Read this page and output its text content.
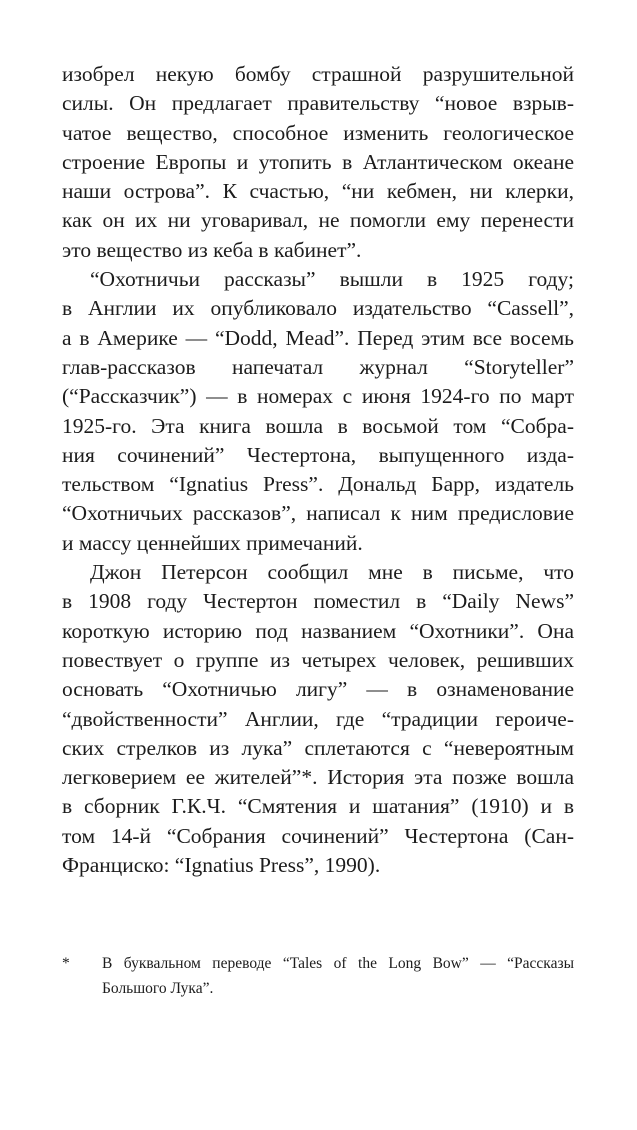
изобрел некую бомбу страшной разрушительной
силы. Он предлагает правительству “новое взрыв-
чатое вещество, способное изменить геологическое
строение Европы и утопить в Атлантическом океане
наши острова”. К счастью, “ни кебмен, ни клерки,
как он их ни уговаривал, не помогли ему перенести
это вещество из кеба в кабинет”.
“Охотничьи рассказы” вышли в 1925 году;
в Англии их опубликовало издательство “Cassell”,
а в Америке — “Dodd, Mead”. Перед этим все восемь
глав-рассказов напечатал журнал “Storyteller”
(“Рассказчик”) — в номерах с июня 1924-го по март
1925-го. Эта книга вошла в восьмой том “Собра-
ния сочинений” Честертона, выпущенного изда-
тельством “Ignatius Press”. Дональд Барр, издатель
“Охотничьих рассказов”, написал к ним предисловие
и массу ценнейших примечаний.
Джон Петерсон сообщил мне в письме, что
в 1908 году Честертон поместил в “Daily News”
короткую историю под названием “Охотники”. Она
повествует о группе из четырех человек, решивших
основать “Охотничью лигу” — в ознаменование
“двойственности” Англии, где “традиции героиче-
ских стрелков из лука” сплетаются с “невероятным
легковерием ее жителей”*. История эта позже вошла
в сборник Г.К.Ч. “Смятения и шатания” (1910) и в
том 14-й “Собрания сочинений” Честертона (Сан-
Франциско: “Ignatius Press”, 1990).
*	В буквальном переводе “Tales of the Long Bow” — “Рассказы
Большого Лука”.
